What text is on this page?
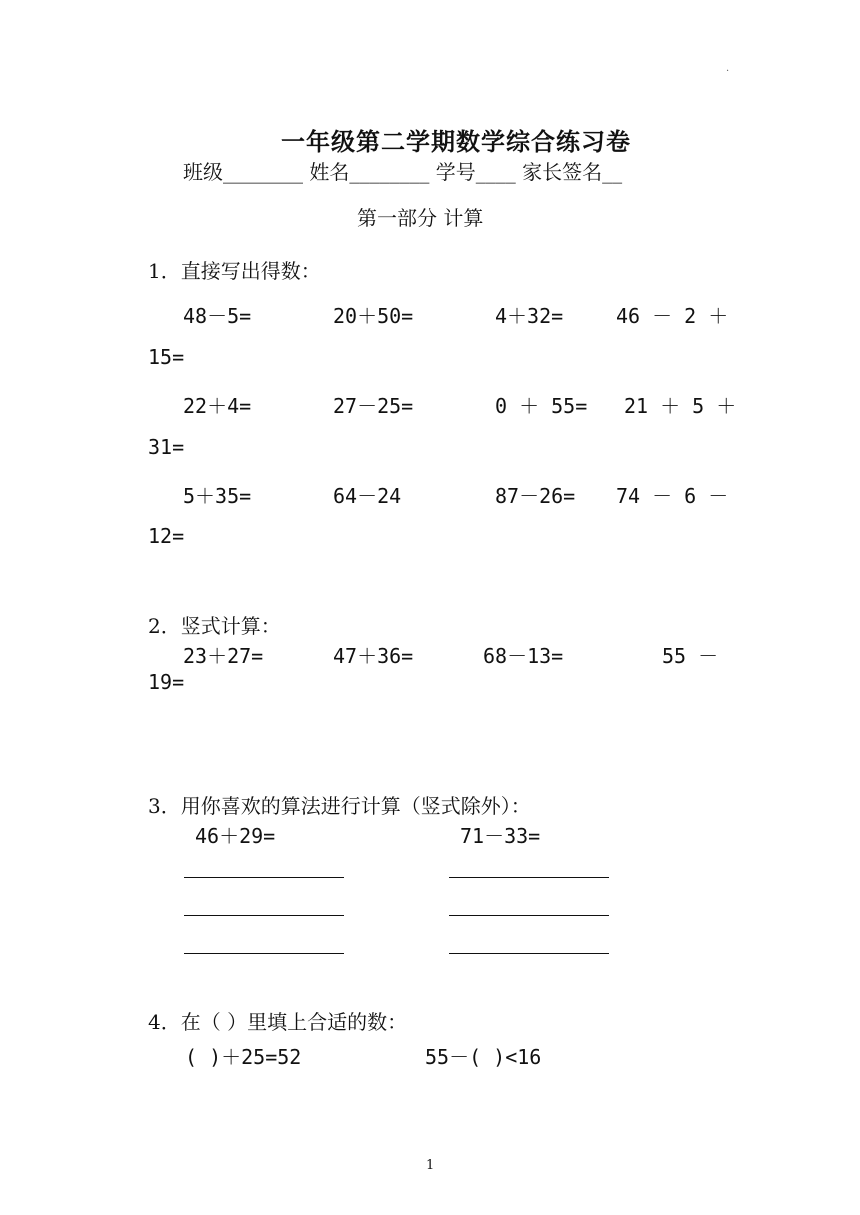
·
一年级第二学期数学综合练习卷
班级________ 姓名________ 学号____ 家长签名__
第一部分 计算
1．直接写出得数：
48－5=	20＋50=	4＋32=	46 － 2 ＋
15=
22＋4=	27－25=	0 ＋ 55= 21 ＋ 5 ＋
31=
5＋35=	64－24	87－26= 74 － 6 －
12=
2．竖式计算：
23＋27=	47＋36=	68－13=	55 －
19=
3．用你喜欢的算法进行计算（竖式除外）：
46＋29=	71－33=
4．在（ ）里填上合适的数：
( )＋25=52	55－( )<16
1
